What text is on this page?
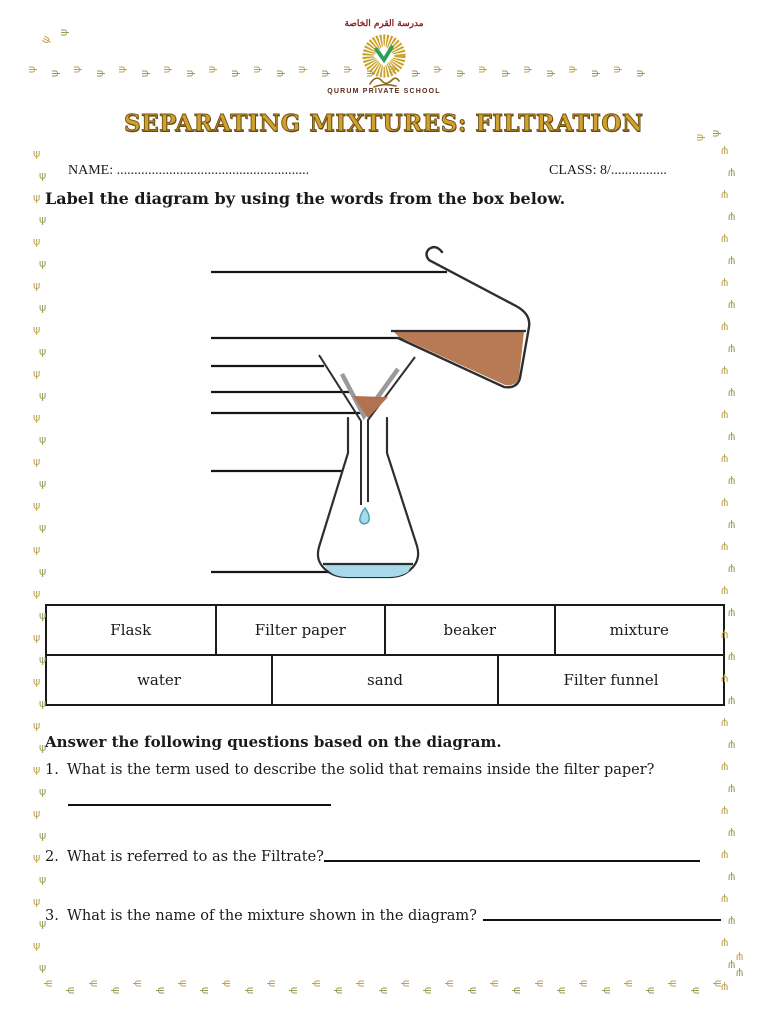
مدرسة القرم الخاصة
QURUM PRIVATE SCHOOL
SEPARATING MIXTURES: FILTRATION
NAME: .......................................................	CLASS: 8/................
Label the diagram by using the words from the box below.
Flask	Filter paper	beaker	mixture
water	sand	Filter funnel
Answer the following questions based on the diagram.
1. What is the term used to describe the solid that remains inside the filter paper?
2. What is referred to as the Filtrate?
3. What is the name of the mixture shown in the diagram?
ψ
ψ
ψ
ψ
ψ
ψ
ψ
ψ
ψ
ψ
ψ
ψ
ψ
ψ
ψ
ψ
ψ
ψ
ψ
ψ
ψ
ψ
ψ
ψ
ψ
ψ
ψ
ψ
ψ
ψ
ψ
ψ
ψ
ψ
ψ
ψ
ψ
ψ
ψ
ψ
ψ
ψ
ψ
ψ
ψ
ψ
ψ
ψ
ψ
ψ
ψ
ψ
ψ
ψ
ψ
ψ
ψ
ψ
ψ
ψ
ψ
ψ
ψ
ψ
ψ
ψ
ψ
ψ
ψ
ψ
ψ
ψ
ψ
ψ
ψ
ψ
ψ
ψ
ψ
ψ
ψ
ψ
ψ
ψ
ψ
ψ
ψ
ψ
ψ
ψ
ψ
ψ
ψ
ψ
ψ
ψ
ψ
ψ
ψ
ψ
ψ
ψ
ψ
ψ
ψ
ψ
ψ
ψ
ψ
ψ
ψ
ψ
ψ
ψ
ψ
ψ
ψ
ψ
ψ
ψ
ψ
ψ
ψ
ψ
ψ
ψ
ψ
ψ
ψ
ψ
ψ
ψ
ψ
ψ
ψ
ψ
ψ
ψ
ψ
ψ
ψ
ψ
